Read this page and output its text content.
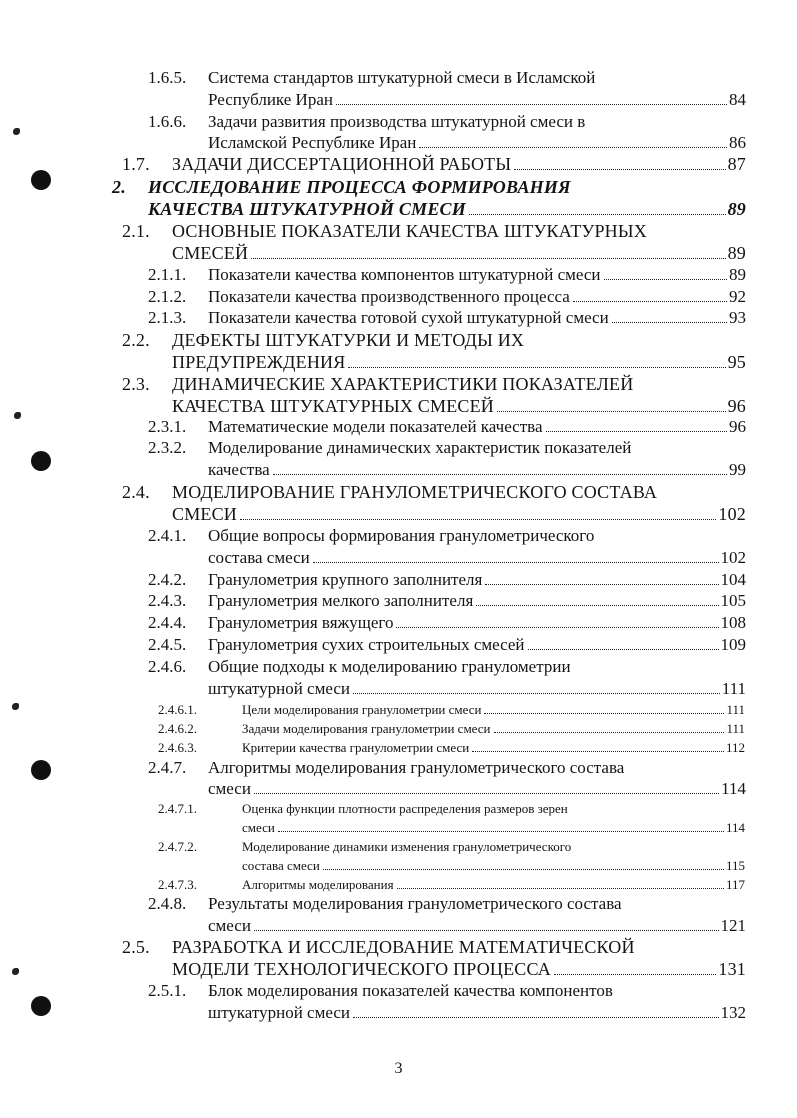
1.6.5. Система стандартов штукатурной смеси в Исламской
Республике Иран	84
1.6.6. Задачи развития производства штукатурной смеси в
Исламской Республике Иран	86
1.7. ЗАДАЧИ ДИССЕРТАЦИОННОЙ РАБОТЫ	87
2. ИССЛЕДОВАНИЕ ПРОЦЕССА ФОРМИРОВАНИЯ
КАЧЕСТВА ШТУКАТУРНОЙ СМЕСИ	89
2.1. ОСНОВНЫЕ ПОКАЗАТЕЛИ КАЧЕСТВА ШТУКАТУРНЫХ
СМЕСЕЙ	89
2.1.1. Показатели качества компонентов штукатурной смеси	89
2.1.2. Показатели качества производственного процесса	92
2.1.3. Показатели качества готовой сухой штукатурной смеси	93
2.2. ДЕФЕКТЫ ШТУКАТУРКИ И МЕТОДЫ ИХ
ПРЕДУПРЕЖДЕНИЯ	95
2.3. ДИНАМИЧЕСКИЕ ХАРАКТЕРИСТИКИ ПОКАЗАТЕЛЕЙ
КАЧЕСТВА ШТУКАТУРНЫХ СМЕСЕЙ	96
2.3.1. Математические модели показателей качества	96
2.3.2. Моделирование динамических характеристик показателей
качества	99
2.4. МОДЕЛИРОВАНИЕ ГРАНУЛОМЕТРИЧЕСКОГО СОСТАВА
СМЕСИ	102
2.4.1. Общие вопросы формирования гранулометрического
состава смеси	102
2.4.2. Гранулометрия крупного заполнителя	104
2.4.3. Гранулометрия мелкого заполнителя	105
2.4.4. Гранулометрия вяжущего	108
2.4.5. Гранулометрия сухих строительных смесей	109
2.4.6. Общие подходы к моделированию гранулометрии
штукатурной смеси	111
2.4.6.1.	Цели моделирования гранулометрии смеси	111
2.4.6.2.	Задачи моделирования гранулометрии смеси	111
2.4.6.3.	Критерии качества гранулометрии смеси	112
2.4.7. Алгоритмы моделирования гранулометрического состава
смеси	114
2.4.7.1.	Оценка функции плотности распределения размеров зерен
смеси	114
2.4.7.2.	Моделирование динамики изменения гранулометрического
состава смеси	115
2.4.7.3.	Алгоритмы моделирования	117
2.4.8. Результаты моделирования гранулометрического состава
смеси	121
2.5. РАЗРАБОТКА И ИССЛЕДОВАНИЕ МАТЕМАТИЧЕСКОЙ
МОДЕЛИ ТЕХНОЛОГИЧЕСКОГО ПРОЦЕССА	131
2.5.1. Блок моделирования показателей качества компонентов
штукатурной смеси	132
3
